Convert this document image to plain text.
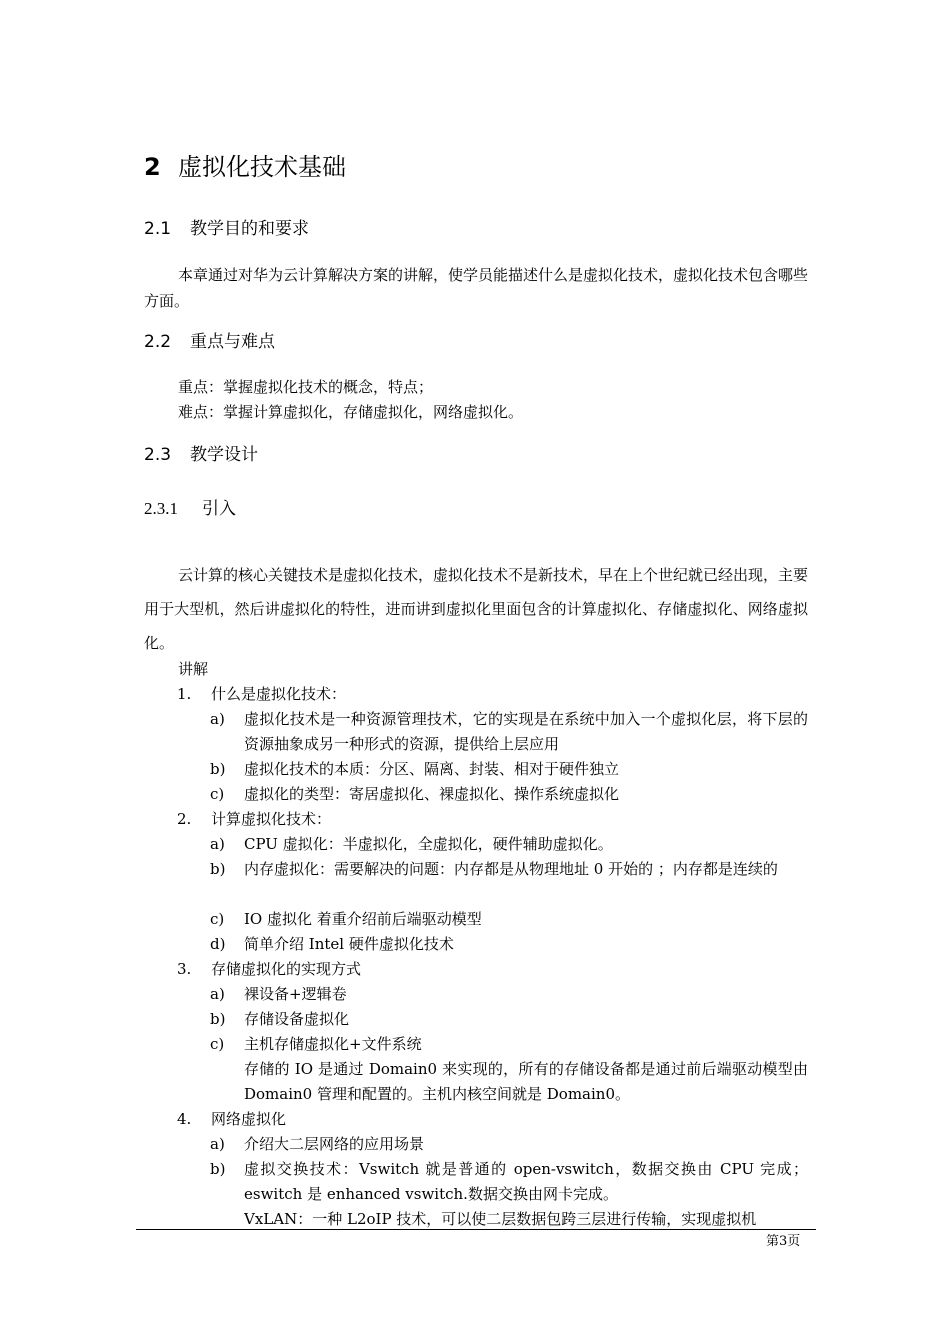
2 虚拟化技术基础
2.1 教学目的和要求
本章通过对华为云计算解决方案的讲解，使学员能描述什么是虚拟化技术，虚拟化技术包含哪些方面。
2.2 重点与难点
重点：掌握虚拟化技术的概念，特点；
难点：掌握计算虚拟化，存储虚拟化，网络虚拟化。
2.3 教学设计
2.3.1 引入
云计算的核心关键技术是虚拟化技术，虚拟化技术不是新技术，早在上个世纪就已经出现，主要用于大型机，然后讲虚拟化的特性，进而讲到虚拟化里面包含的计算虚拟化、存储虚拟化、网络虚拟化。
讲解
1. 什么是虚拟化技术：
a) 虚拟化技术是一种资源管理技术，它的实现是在系统中加入一个虚拟化层，将下层的资源抽象成另一种形式的资源，提供给上层应用
b) 虚拟化技术的本质：分区、隔离、封装、相对于硬件独立
c) 虚拟化的类型：寄居虚拟化、裸虚拟化、操作系统虚拟化
2. 计算虚拟化技术：
a) CPU 虚拟化：半虚拟化，全虚拟化，硬件辅助虚拟化。
b) 内存虚拟化：需要解决的问题：内存都是从物理地址 0 开始的 ；内存都是连续的
c) IO 虚拟化 着重介绍前后端驱动模型
d) 简单介绍 Intel 硬件虚拟化技术
3. 存储虚拟化的实现方式
a) 裸设备+逻辑卷
b) 存储设备虚拟化
c) 主机存储虚拟化+文件系统
存储的 IO 是通过 Domain0 来实现的，所有的存储设备都是通过前后端驱动模型由 Domain0 管理和配置的。主机内核空间就是 Domain0。
4. 网络虚拟化
a) 介绍大二层网络的应用场景
b) 虚拟交换技术：Vswitch 就是普通的 open-vswitch，数据交换由 CPU 完成；eswitch 是 enhanced vswitch.数据交换由网卡完成。
VxLAN：一种 L2oIP 技术，可以使二层数据包跨三层进行传输，实现虚拟机
第3页
